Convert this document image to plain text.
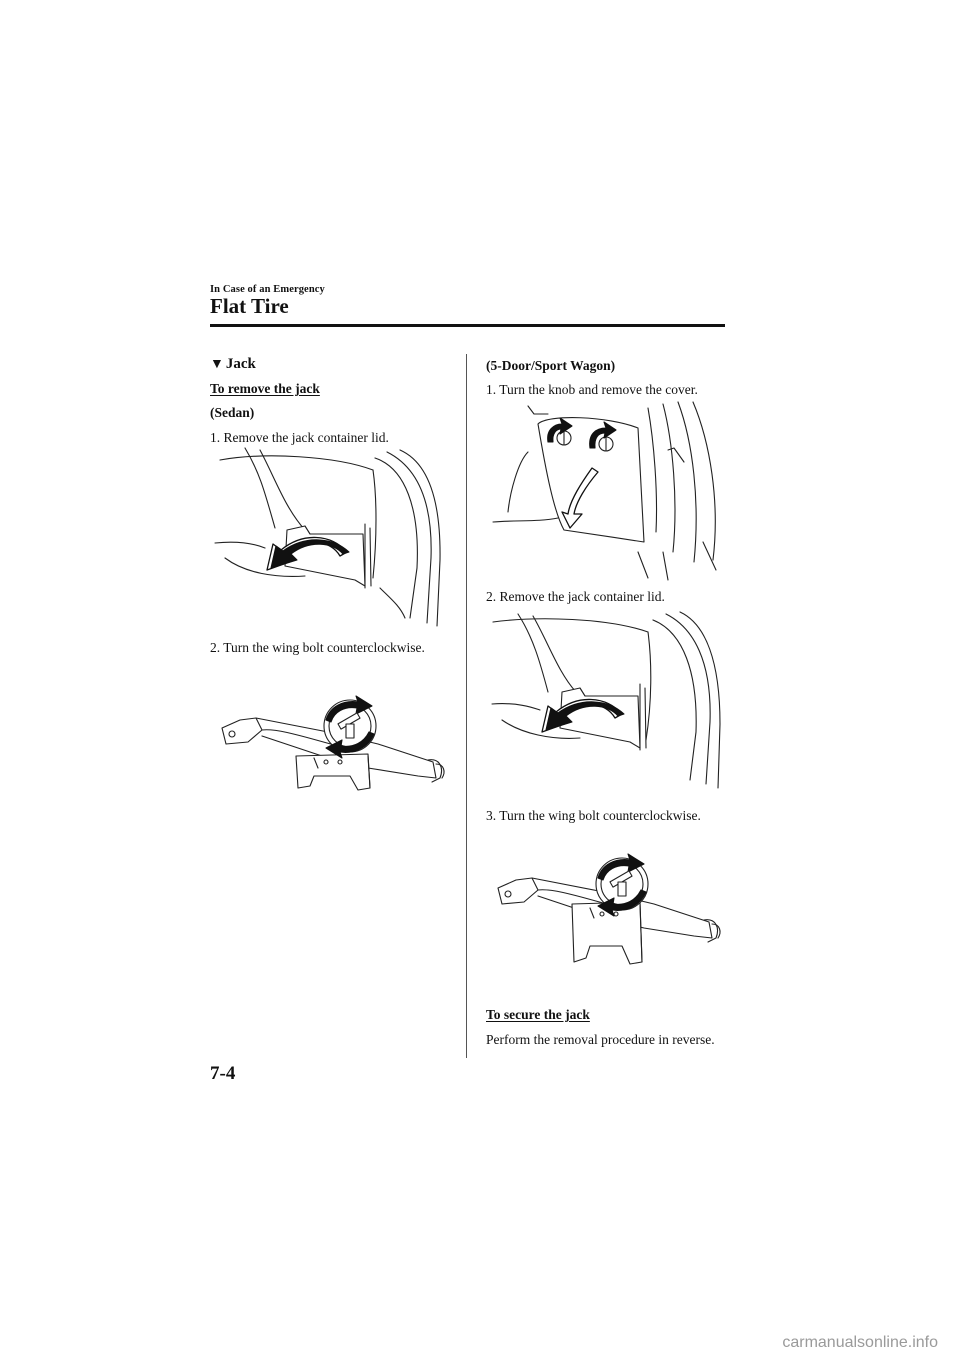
In Case of an Emergency
Flat Tire
▼ Jack
To remove the jack
(Sedan)
1. Remove the jack container lid.
2. Turn the wing bolt counterclockwise.
(5-Door/Sport Wagon)
1. Turn the knob and remove the cover.
2. Remove the jack container lid.
3. Turn the wing bolt counterclockwise.
To secure the jack
Perform the removal procedure in reverse.
7-4
carmanualsonline.info
